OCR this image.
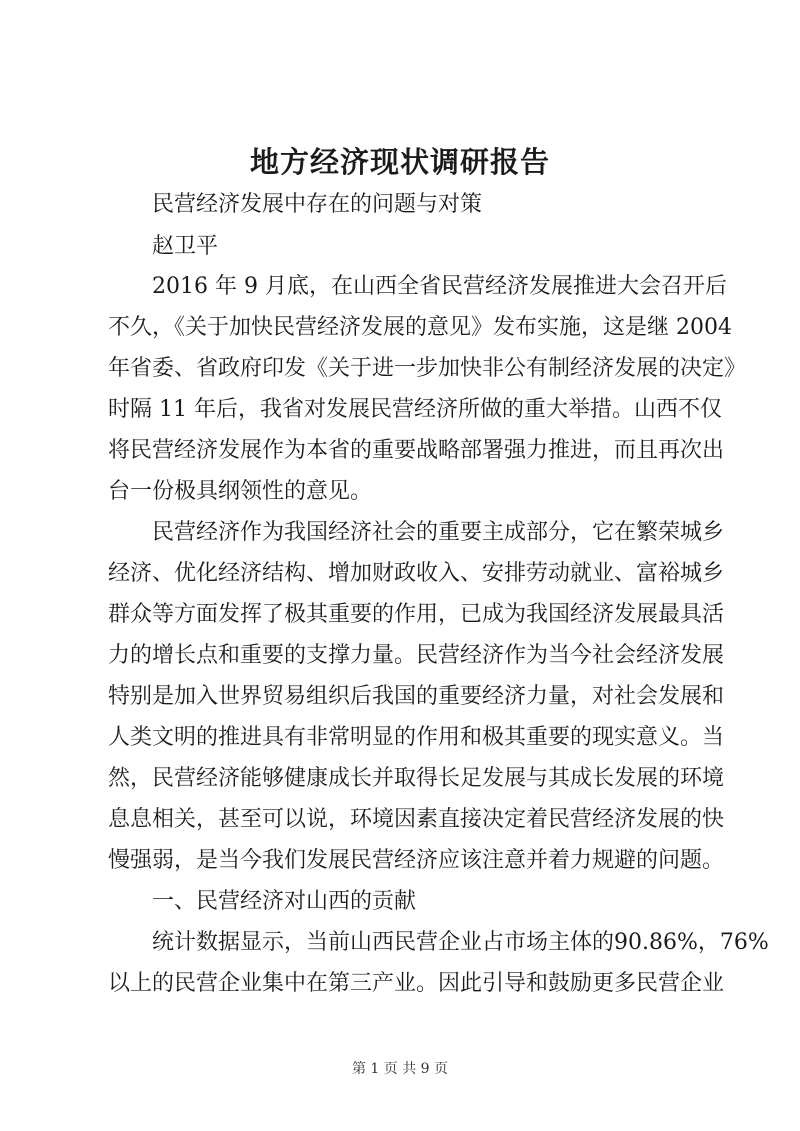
地方经济现状调研报告
民营经济发展中存在的问题与对策
赵卫平
2016 年 9 月底，在山西全省民营经济发展推进大会召开后
不久，《关于加快民营经济发展的意见》发布实施，这是继 2004
年省委、省政府印发《关于进一步加快非公有制经济发展的决定》
时隔 11 年后，我省对发展民营经济所做的重大举措。山西不仅
将民营经济发展作为本省的重要战略部署强力推进，而且再次出
台一份极具纲领性的意见。
民营经济作为我国经济社会的重要主成部分，它在繁荣城乡
经济、优化经济结构、增加财政收入、安排劳动就业、富裕城乡
群众等方面发挥了极其重要的作用，已成为我国经济发展最具活
力的增长点和重要的支撑力量。民营经济作为当今社会经济发展
特别是加入世界贸易组织后我国的重要经济力量，对社会发展和
人类文明的推进具有非常明显的作用和极其重要的现实意义。当
然，民营经济能够健康成长并取得长足发展与其成长发展的环境
息息相关，甚至可以说，环境因素直接决定着民营经济发展的快
慢强弱，是当今我们发展民营经济应该注意并着力规避的问题。
一、民营经济对山西的贡献
统计数据显示，当前山西民营企业占市场主体的90.86%，76%
以上的民营企业集中在第三产业。因此引导和鼓励更多民营企业
第 1 页 共 9 页
